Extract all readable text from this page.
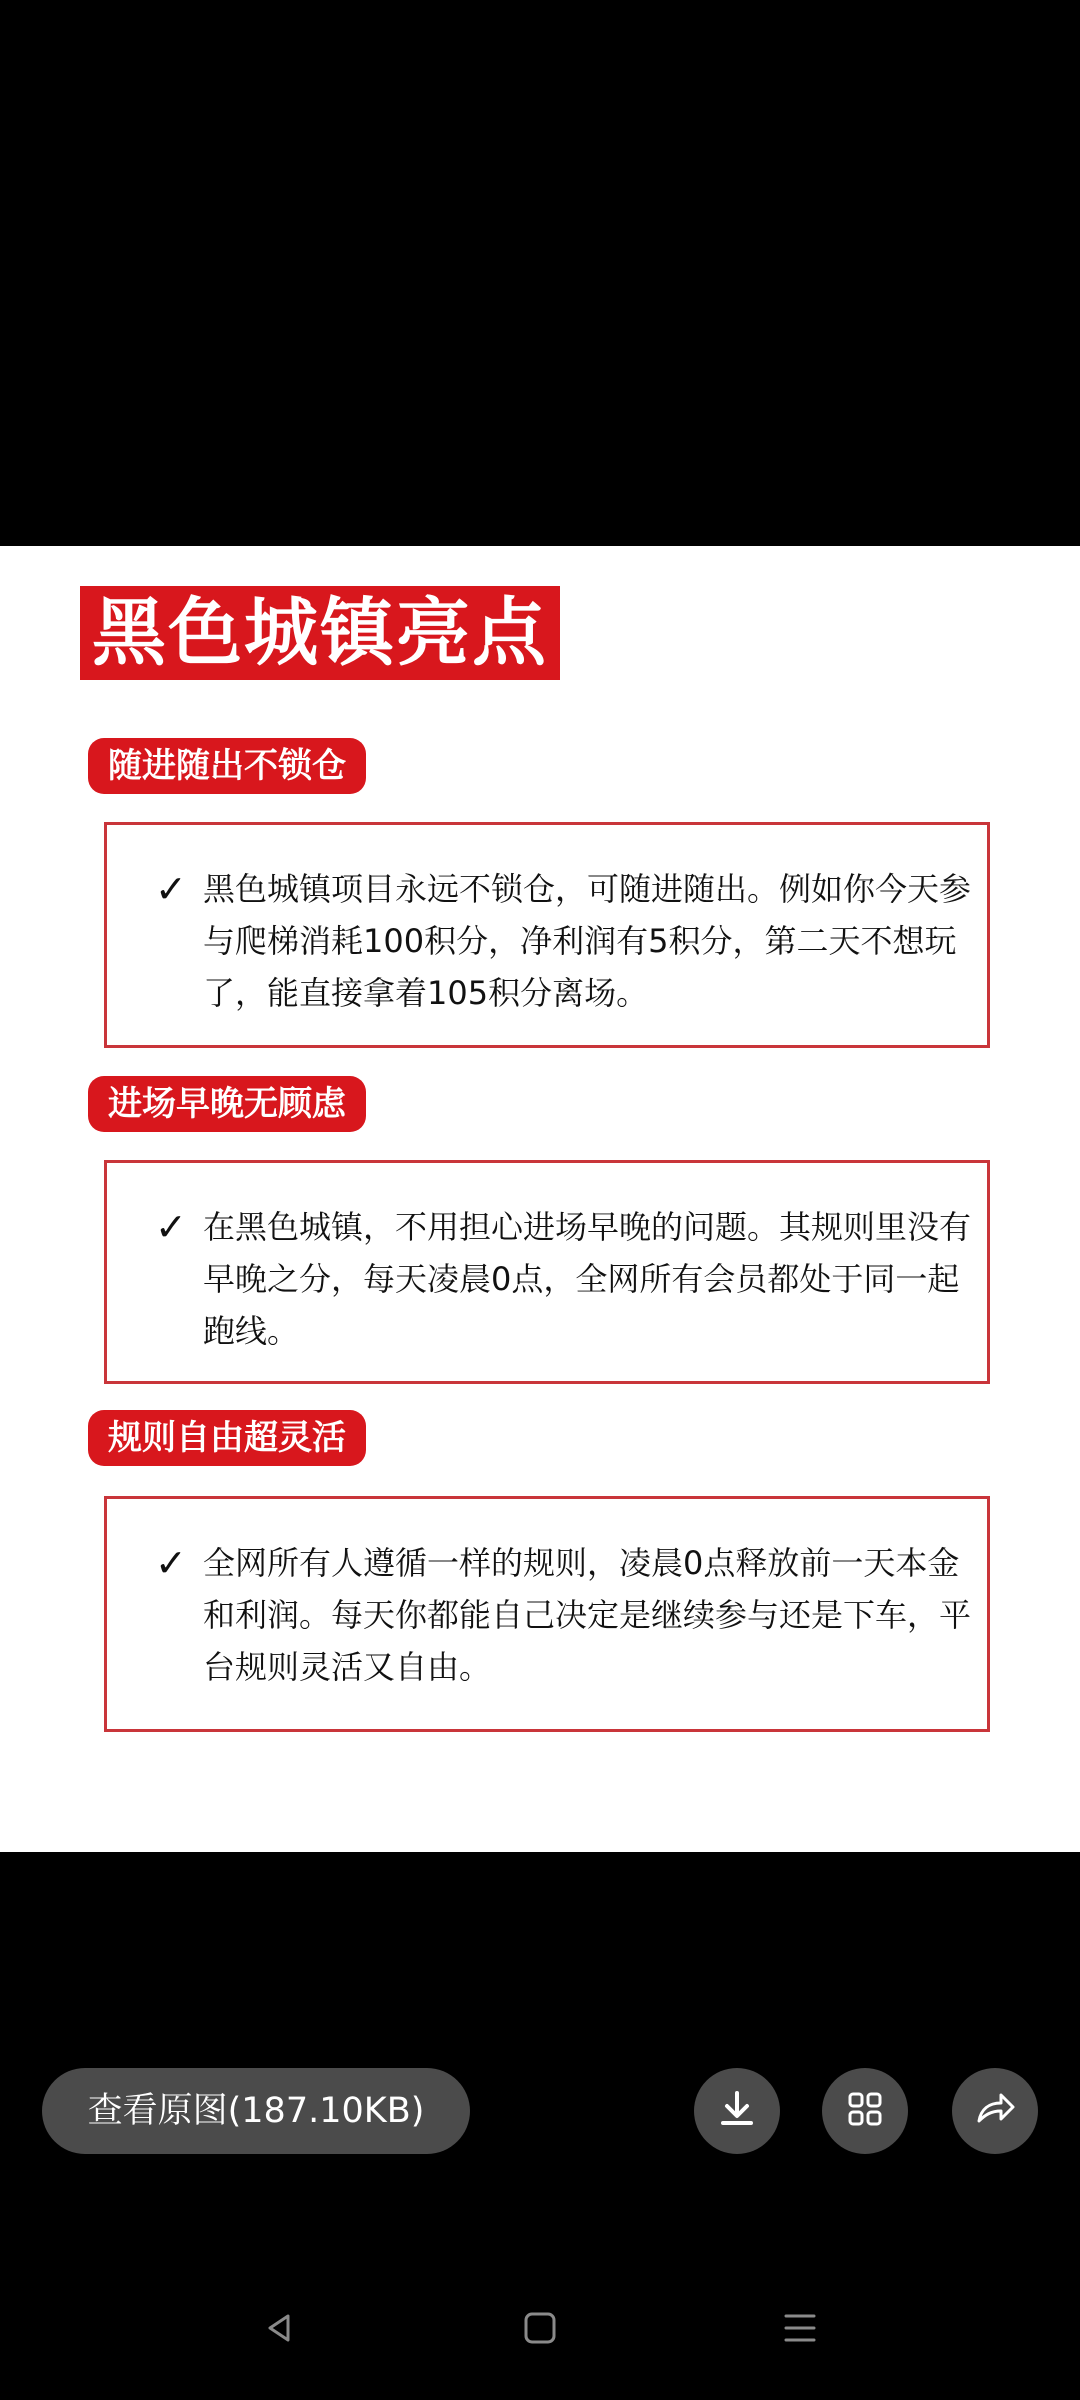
黑色城镇亮点
随进随出不锁仓
✓ 黑色城镇项目永远不锁仓，可随进随出。例如你今天参与爬梯消耗100积分，净利润有5积分，第二天不想玩了，能直接拿着105积分离场。
进场早晚无顾虑
✓ 在黑色城镇，不用担心进场早晚的问题。其规则里没有早晚之分，每天凌晨0点，全网所有会员都处于同一起跑线。
规则自由超灵活
✓ 全网所有人遵循一样的规则，凌晨0点释放前一天本金和利润。每天你都能自己决定是继续参与还是下车，平台规则灵活又自由。
查看原图(187.10KB)
